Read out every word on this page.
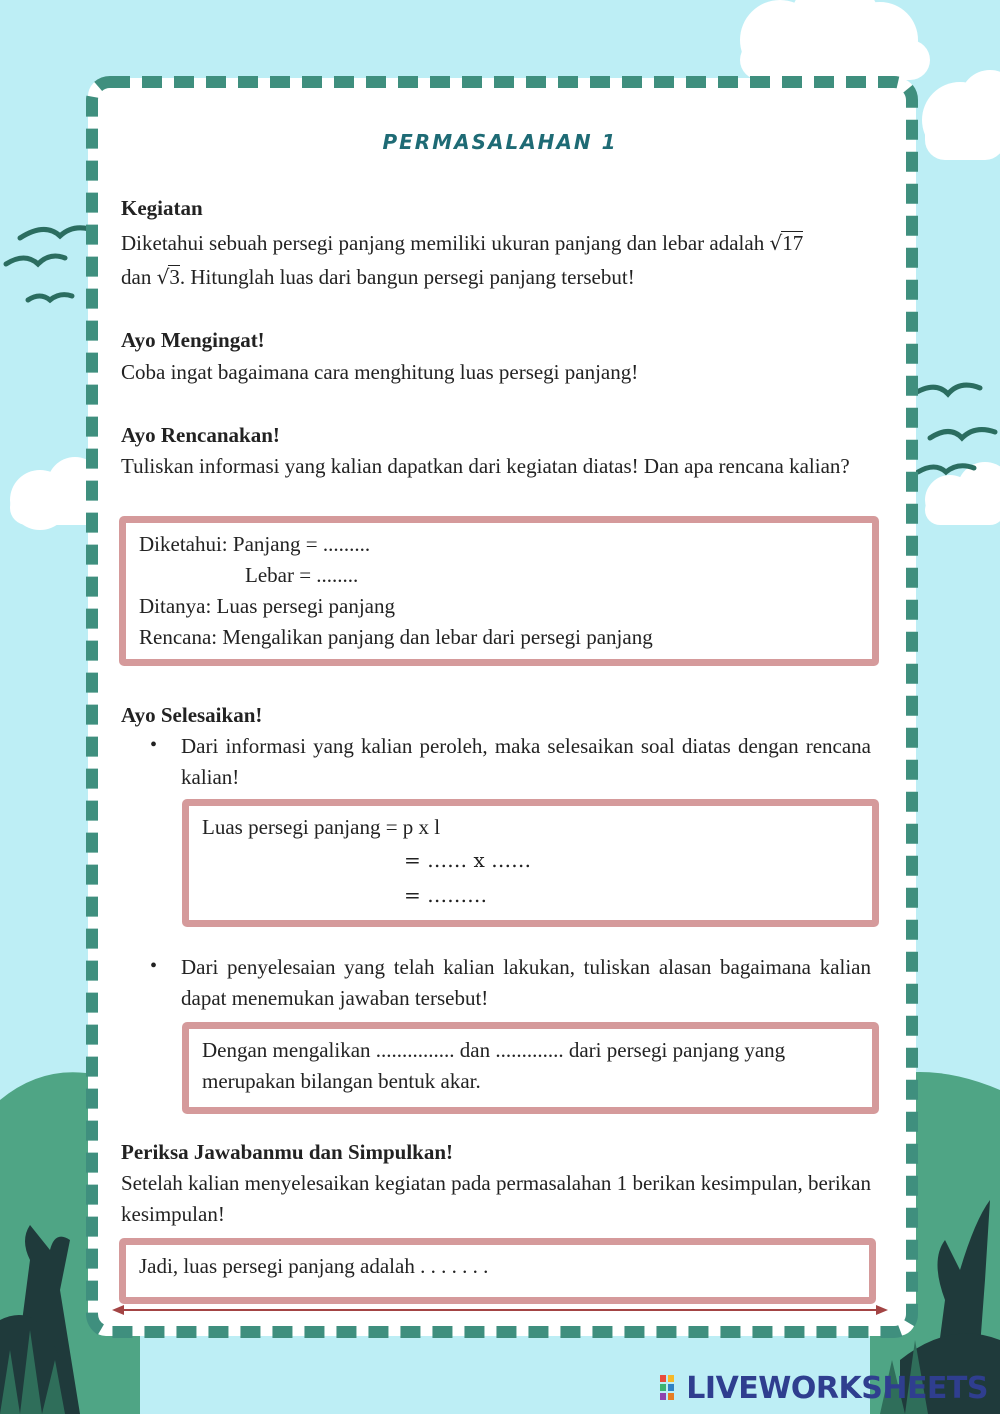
PERMASALAHAN 1
Kegiatan
Diketahui sebuah persegi panjang memiliki ukuran panjang dan lebar adalah √17
dan √3. Hitunglah luas dari bangun persegi panjang tersebut!
Ayo Mengingat!
Coba ingat bagaimana cara menghitung luas persegi panjang!
Ayo Rencanakan!
Tuliskan informasi yang kalian dapatkan dari kegiatan diatas! Dan apa rencana kalian?
Diketahui: Panjang = .........
Lebar = ........
Ditanya: Luas persegi panjang
Rencana: Mengalikan panjang dan lebar dari persegi panjang
Ayo Selesaikan!
• Dari informasi yang kalian peroleh, maka selesaikan soal diatas dengan rencana kalian!
Luas persegi panjang = p x l
= …… x ……
= ………
• Dari penyelesaian yang telah kalian lakukan, tuliskan alasan bagaimana kalian dapat menemukan jawaban tersebut!
Dengan mengalikan ............... dan ............. dari persegi panjang yang merupakan bilangan bentuk akar.
Periksa Jawabanmu dan Simpulkan!
Setelah kalian menyelesaikan kegiatan pada permasalahan 1 berikan kesimpulan, berikan kesimpulan!
Jadi, luas persegi panjang adalah . . . . . . .
LIVEWORKSHEETS
